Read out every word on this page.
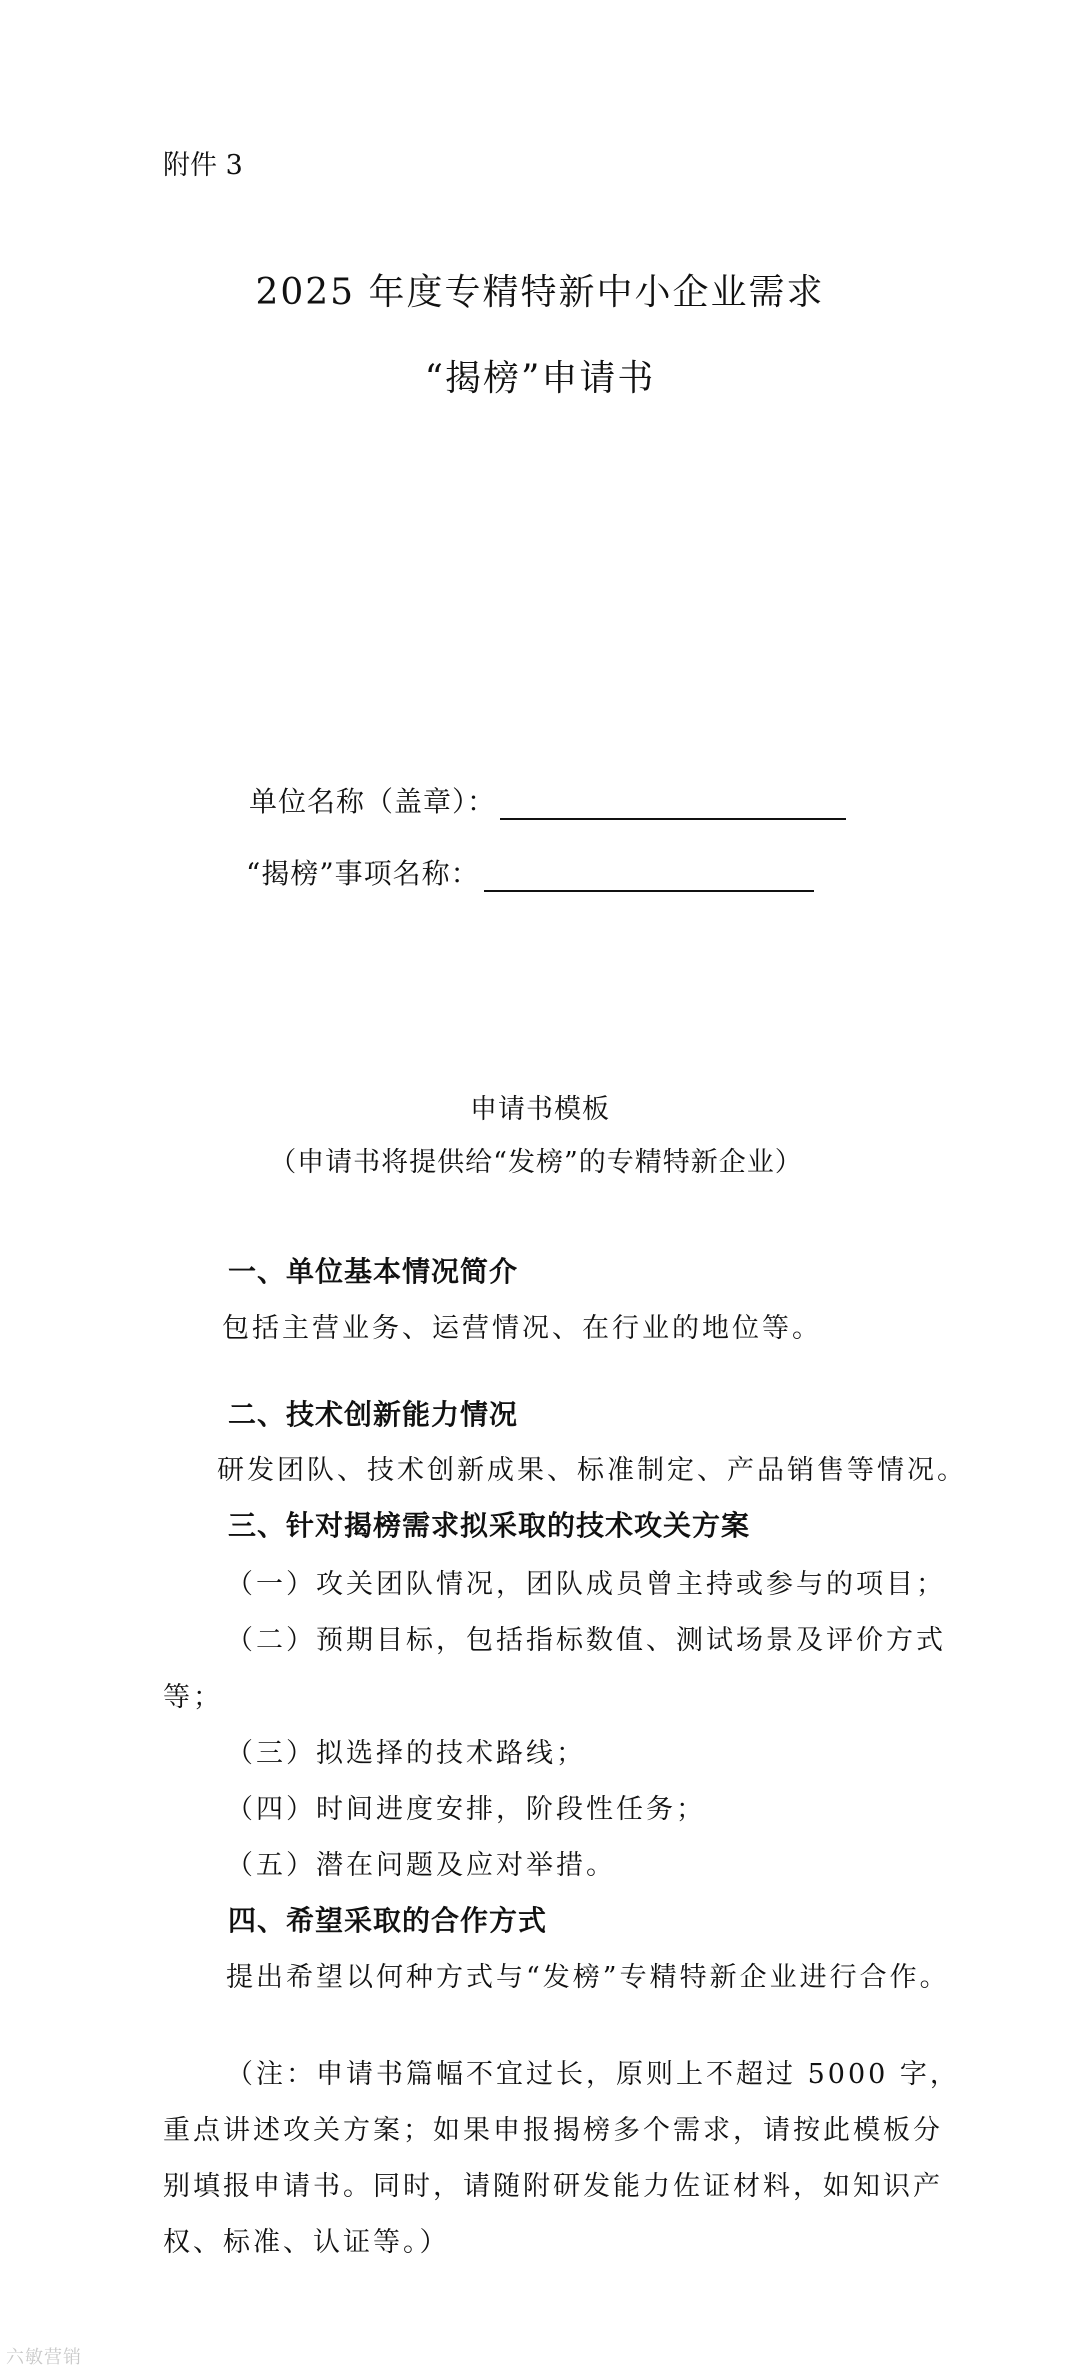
附件 3
2025 年度专精特新中小企业需求
“揭榜”申请书
单位名称（盖章）：
“揭榜”事项名称：
申请书模板
（申请书将提供给“发榜”的专精特新企业）
一、单位基本情况简介
包括主营业务、运营情况、在行业的地位等。
二、技术创新能力情况
研发团队、技术创新成果、标准制定、产品销售等情况。
三、针对揭榜需求拟采取的技术攻关方案
（一）攻关团队情况，团队成员曾主持或参与的项目；
（二）预期目标，包括指标数值、测试场景及评价方式
等；
（三）拟选择的技术路线；
（四）时间进度安排，阶段性任务；
（五）潜在问题及应对举措。
四、希望采取的合作方式
提出希望以何种方式与“发榜”专精特新企业进行合作。
（注：申请书篇幅不宜过长，原则上不超过 5000 字，
重点讲述攻关方案；如果申报揭榜多个需求，请按此模板分
别填报申请书。同时，请随附研发能力佐证材料，如知识产
权、标准、认证等。）
六敏营销
